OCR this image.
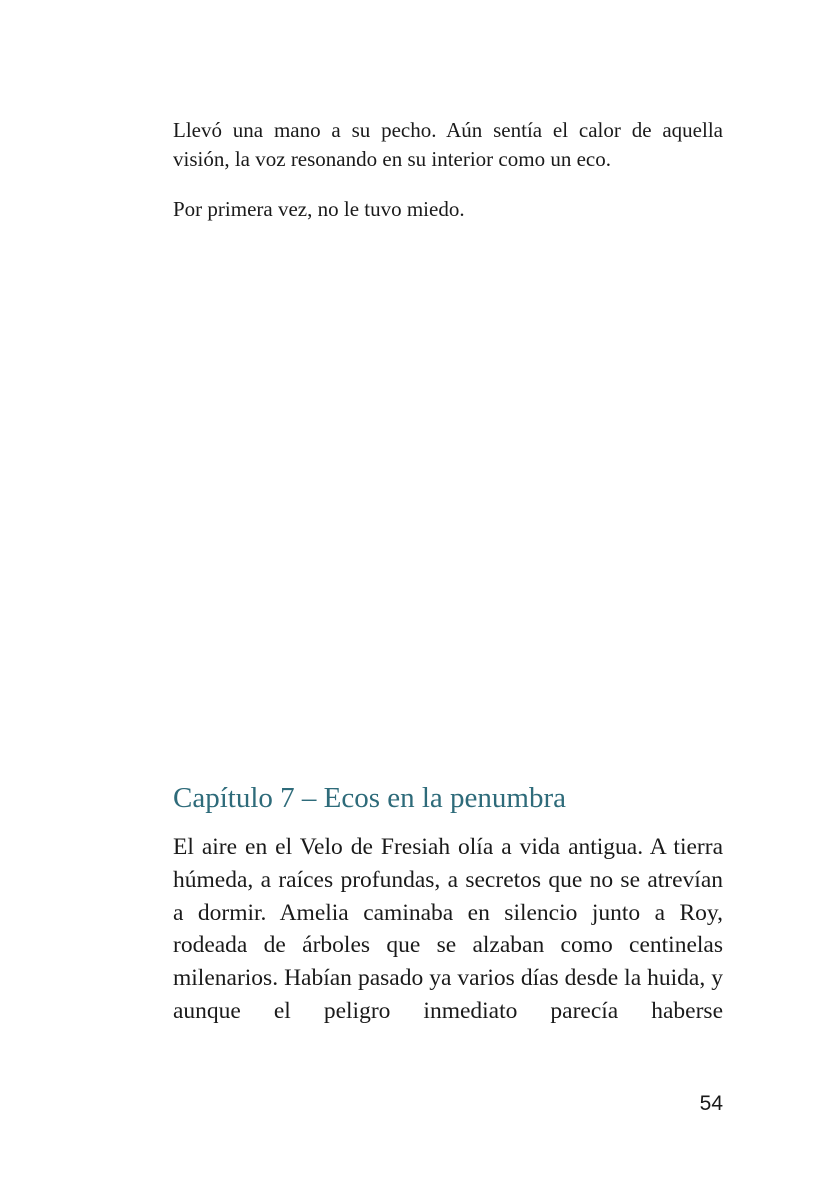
Llevó una mano a su pecho. Aún sentía el calor de aquella visión, la voz resonando en su interior como un eco.

Por primera vez, no le tuvo miedo.

Capítulo 7 – Ecos en la penumbra

El aire en el Velo de Fresiah olía a vida antigua. A tierra húmeda, a raíces profundas, a secretos que no se atrevían a dormir. Amelia caminaba en silencio junto a Roy, rodeada de árboles que se alzaban como centinelas milenarios. Habían pasado ya varios días desde la huida, y aunque el peligro inmediato parecía haberse

54
